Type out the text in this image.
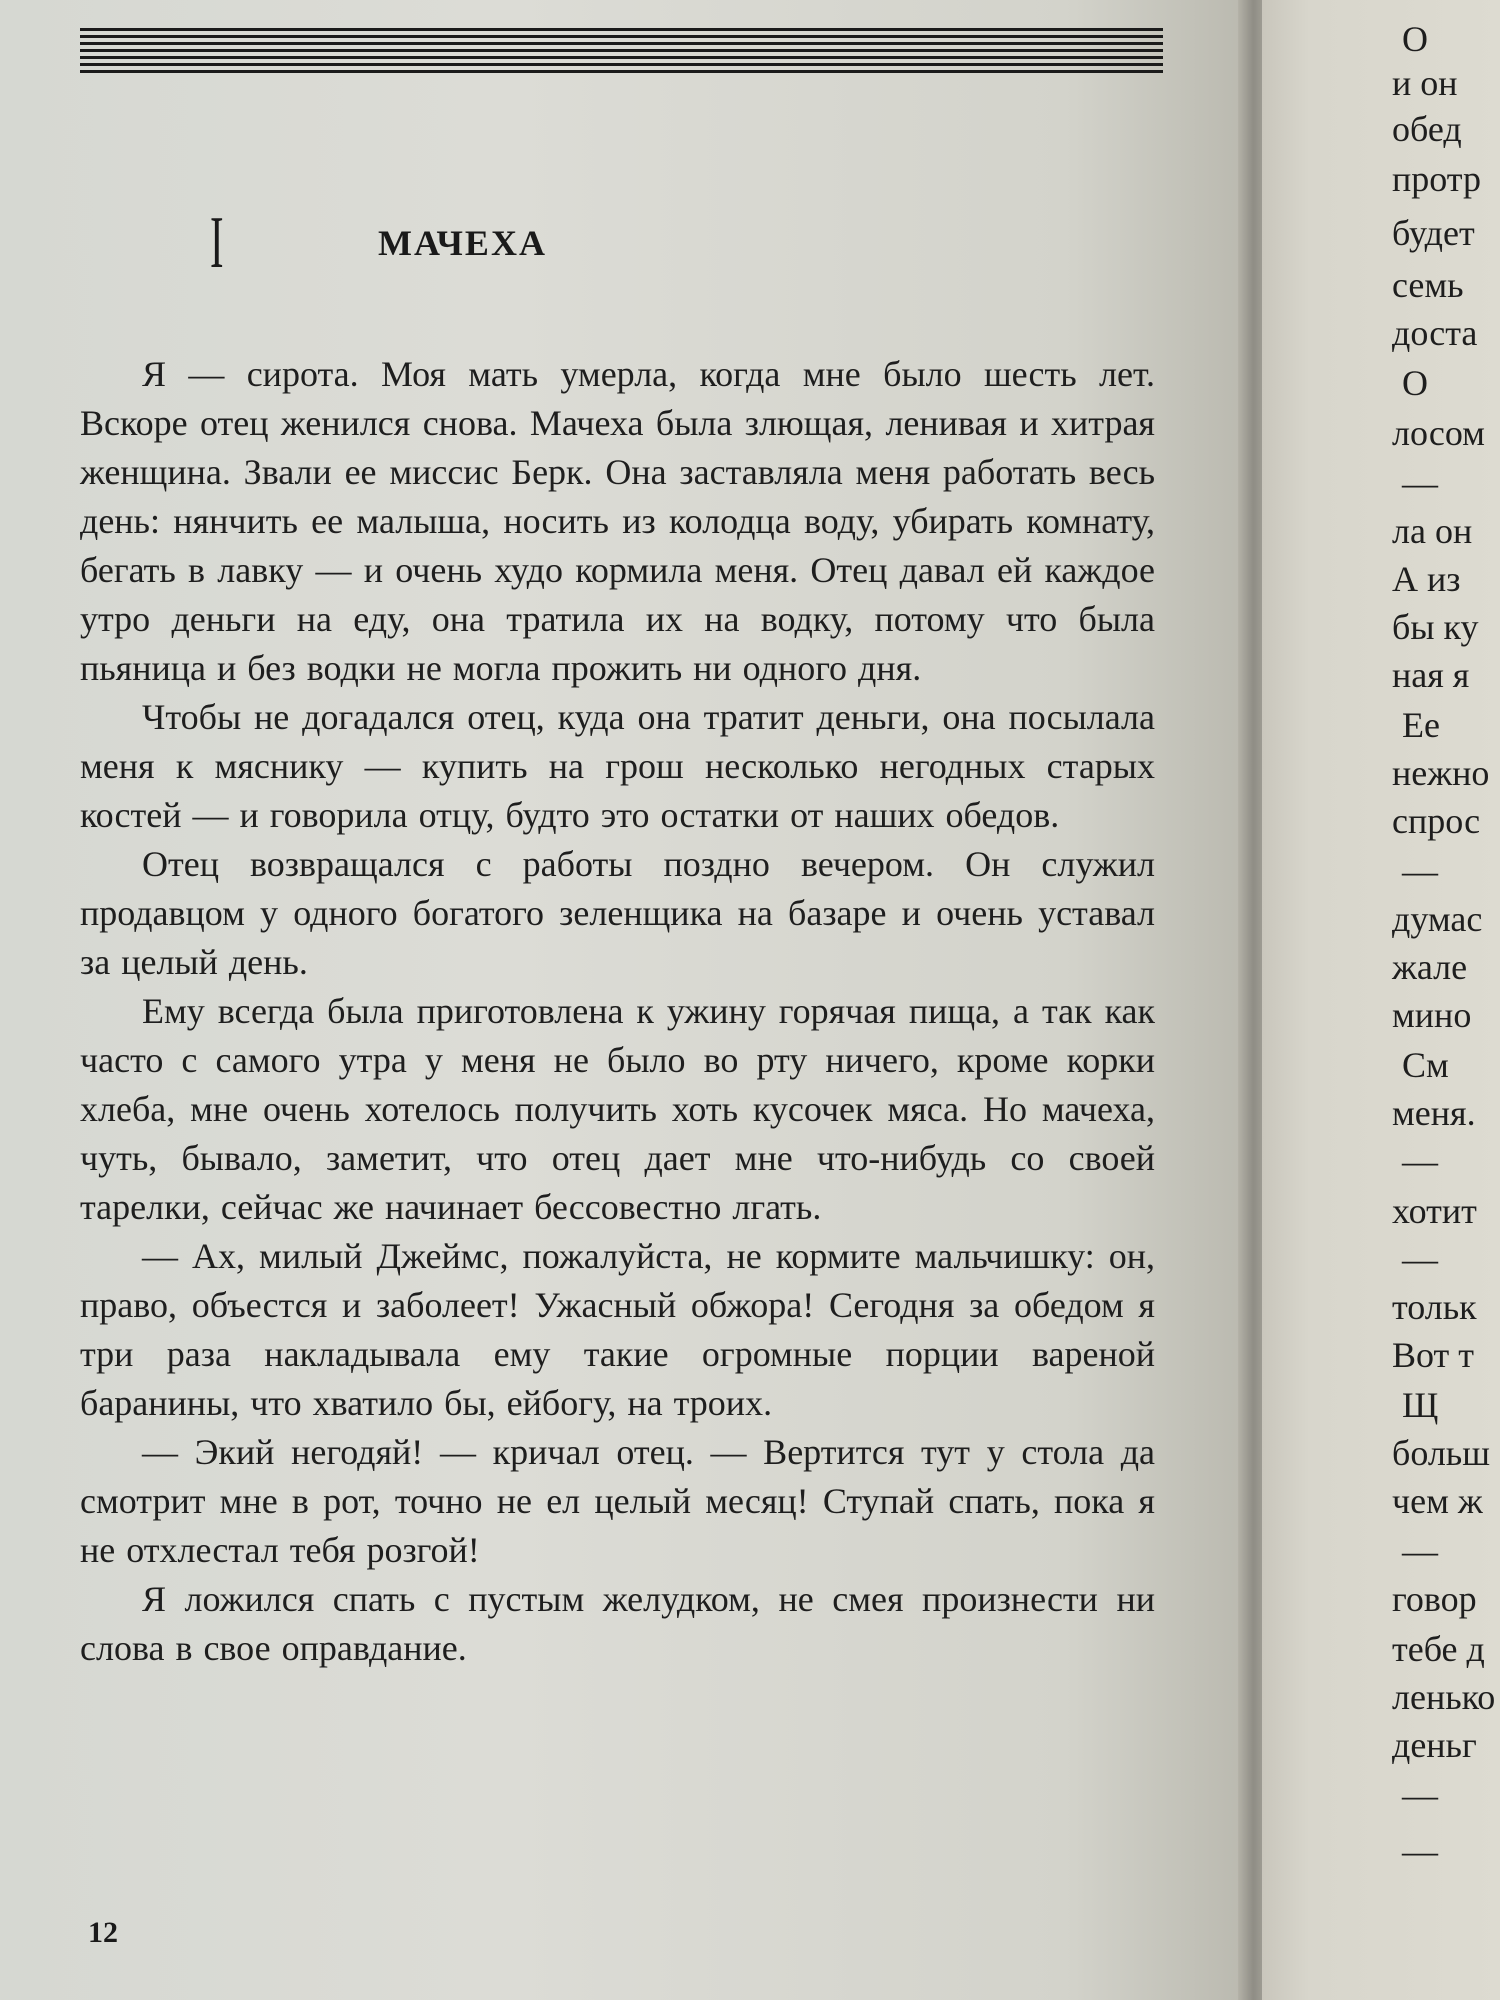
I	МАЧЕХА

Я — сирота. Моя мать умерла, когда мне было шесть лет. Вскоре отец женился снова. Мачеха была злющая, ленивая и хитрая женщина. Звали ее миссис Берк. Она заставляла меня работать весь день: нянчить ее малыша, носить из колодца воду, убирать комнату, бегать в лавку — и очень худо кормила меня. Отец давал ей каждое утро деньги на еду, она тратила их на водку, потому что была пьяница и без водки не могла прожить ни одного дня.

Чтобы не догадался отец, куда она тратит деньги, она посылала меня к мяснику — купить на грош несколько негодных старых костей — и говорила отцу, будто это остатки от наших обедов.

Отец возвращался с работы поздно вечером. Он служил продавцом у одного богатого зеленщика на базаре и очень уставал за целый день.

Ему всегда была приготовлена к ужину горячая пища, а так как часто с самого утра у меня не было во рту ничего, кроме корки хлеба, мне очень хотелось получить хоть кусочек мяса. Но мачеха, чуть, бывало, заметит, что отец дает мне что-нибудь со своей тарелки, сейчас же начинает бессовестно лгать.

— Ах, милый Джеймс, пожалуйста, не кормите мальчишку: он, право, объестся и заболеет! Ужасный обжора! Сегодня за обедом я три раза накладывала ему такие огромные порции вареной баранины, что хватило бы, ейбогу, на троих.

— Экий негодяй! — кричал отец. — Вертится тут у стола да смотрит мне в рот, точно не ел целый месяц! Ступай спать, пока я не отхлестал тебя розгой!

Я ложился спать с пустым желудком, не смея произнести ни слова в свое оправдание.

12
О
и он
обед
протр
будет
семь
доста
О
лосом
—
ла он
А из
бы ку
ная я
Ее
нежно
спрос
—
думас
жале
мино
См
меня.
—
хотит
—
тольк
Вот т
Щ
больш
чем ж
—
говор
тебе д
ленько
деньг
—
—
